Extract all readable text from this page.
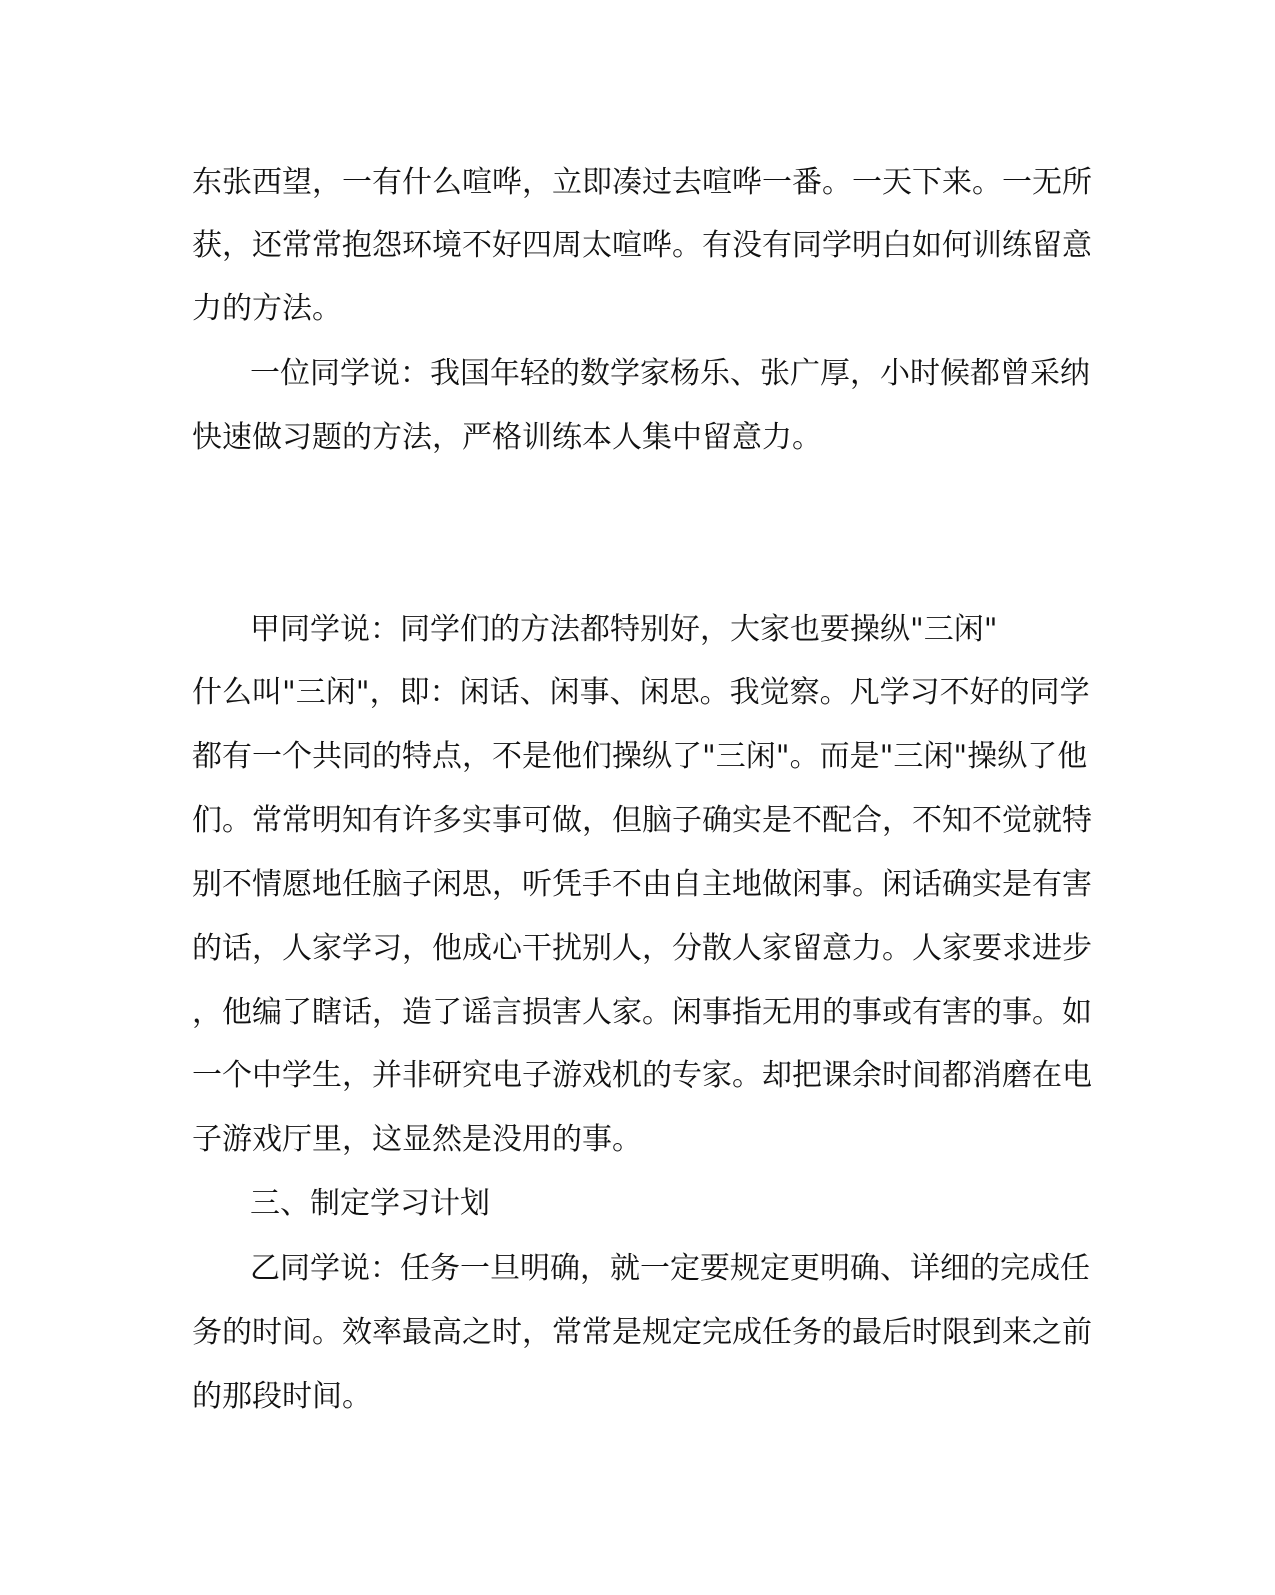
东张西望，一有什么喧哗，立即凑过去喧哗一番。一天下来。一无所
获，还常常抱怨环境不好四周太喧哗。有没有同学明白如何训练留意
力的方法。
一位同学说：我国年轻的数学家杨乐、张广厚，小时候都曾采纳
快速做习题的方法，严格训练本人集中留意力。
甲同学说：同学们的方法都特别好，大家也要操纵"三闲"
什么叫"三闲"，即：闲话、闲事、闲思。我觉察。凡学习不好的同学
都有一个共同的特点，不是他们操纵了"三闲"。而是"三闲"操纵了他
们。常常明知有许多实事可做，但脑子确实是不配合，不知不觉就特
别不情愿地任脑子闲思，听凭手不由自主地做闲事。闲话确实是有害
的话，人家学习，他成心干扰别人，分散人家留意力。人家要求进步
，他编了瞎话，造了谣言损害人家。闲事指无用的事或有害的事。如
一个中学生，并非研究电子游戏机的专家。却把课余时间都消磨在电
子游戏厅里，这显然是没用的事。
三、制定学习计划
乙同学说：任务一旦明确，就一定要规定更明确、详细的完成任
务的时间。效率最高之时，常常是规定完成任务的最后时限到来之前
的那段时间。
